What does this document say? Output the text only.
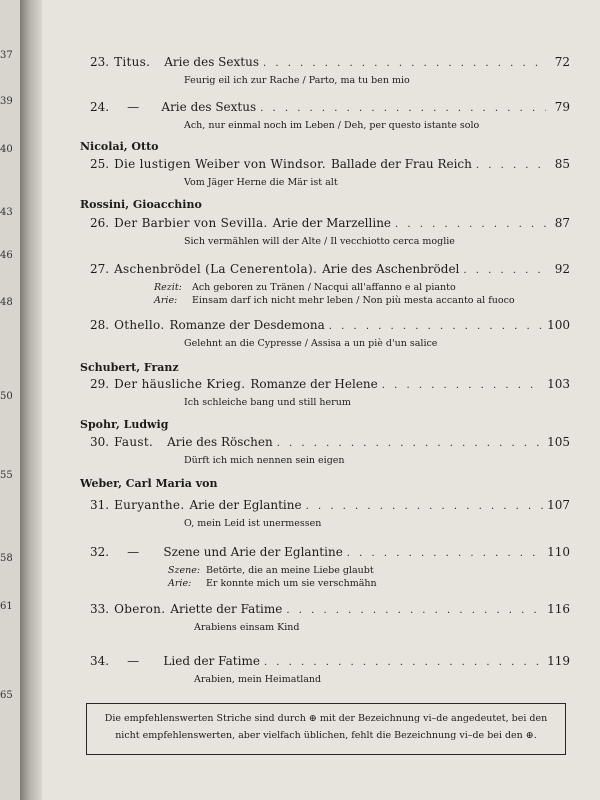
37
39
40
43
46
48
50
55
58
61
65
23. Titus. Arie des Sextus . . .	72
Feurig eil ich zur Rache / Parto, ma tu ben mio
24. — Arie des Sextus . . .	79
Ach, nur einmal noch im Leben / Deh, per questo istante solo
Nicolai, Otto
25. Die lustigen Weiber von Windsor. Ballade der Frau Reich . . .	85
Vom Jäger Herne die Mär ist alt
Rossini, Gioacchino
26. Der Barbier von Sevilla. Arie der Marzelline . . .	87
Sich vermählen will der Alte / Il vecchiotto cerca moglie
27. Aschenbrödel (La Cenerentola). Arie des Aschenbrödel . . .	92
Rezit: Ach geboren zu Tränen / Nacqui all'affanno e al pianto
Arie: Einsam darf ich nicht mehr leben / Non più mesta accanto al fuoco
28. Othello. Romanze der Desdemona . . .	100
Gelehnt an die Cypresse / Assisa a un piè d'un salice
Schubert, Franz
29. Der häusliche Krieg. Romanze der Helene . . .	103
Ich schleiche bang und still herum
Spohr, Ludwig
30. Faust. Arie des Röschen . . .	105
Dürft ich mich nennen sein eigen
Weber, Carl Maria von
31. Euryanthe. Arie der Eglantine . . .	107
O, mein Leid ist unermessen
32. — Szene und Arie der Eglantine . . .	110
Szene: Betörte, die an meine Liebe glaubt
Arie: Er konnte mich um sie verschmähn
33. Oberon. Ariette der Fatime . . .	116
Arabiens einsam Kind
34. — Lied der Fatime . . .	119
Arabien, mein Heimatland
Die empfehlenswerten Striche sind durch ⊕ mit der Bezeichnung vi–de angedeutet, bei den nicht empfehlenswerten, aber vielfach üblichen, fehlt die Bezeichnung vi–de bei den ⊕.
